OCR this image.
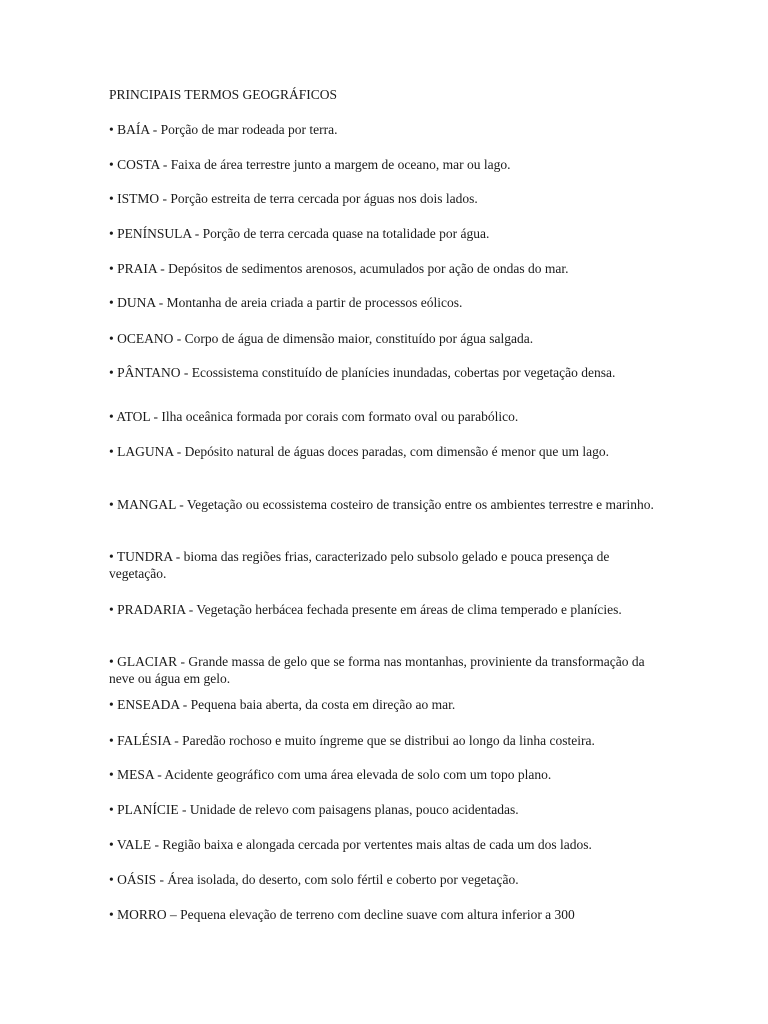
PRINCIPAIS TERMOS GEOGRÁFICOS
• BAÍA - Porção de mar rodeada por terra.
• COSTA - Faixa de área terrestre junto a margem de oceano, mar ou lago.
• ISTMO - Porção estreita de terra cercada por águas nos dois lados.
• PENÍNSULA - Porção de terra cercada quase na totalidade por água.
• PRAIA - Depósitos de sedimentos arenosos, acumulados por ação de ondas do mar.
• DUNA - Montanha de areia criada a partir de processos eólicos.
• OCEANO - Corpo de água de dimensão maior, constituído por água salgada.
• PÂNTANO - Ecossistema constituído de planícies inundadas, cobertas por vegetação densa.
• ATOL - Ilha oceânica formada por corais com formato oval ou parabólico.
• LAGUNA - Depósito natural de águas doces paradas, com dimensão é menor que um lago.
• MANGAL - Vegetação ou ecossistema costeiro de transição entre os ambientes terrestre e marinho.
• TUNDRA - bioma das regiões frias, caracterizado pelo subsolo gelado e pouca presença de vegetação.
• PRADARIA - Vegetação herbácea fechada presente em áreas de clima temperado e planícies.
• GLACIAR - Grande massa de gelo que se forma nas montanhas, proviniente da transformação da neve ou água em gelo.
• ENSEADA - Pequena baia aberta, da costa em direção ao mar.
• FALÉSIA - Paredão rochoso e muito íngreme que se distribui ao longo da linha costeira.
• MESA - Acidente geográfico com uma área elevada de solo com um topo plano.
• PLANÍCIE - Unidade de relevo com paisagens planas, pouco acidentadas.
• VALE - Região baixa e alongada cercada por vertentes mais altas de cada um dos lados.
• OÁSIS - Área isolada, do deserto, com solo fértil e coberto por vegetação.
• MORRO – Pequena elevação de terreno com decline suave com altura inferior a 300
